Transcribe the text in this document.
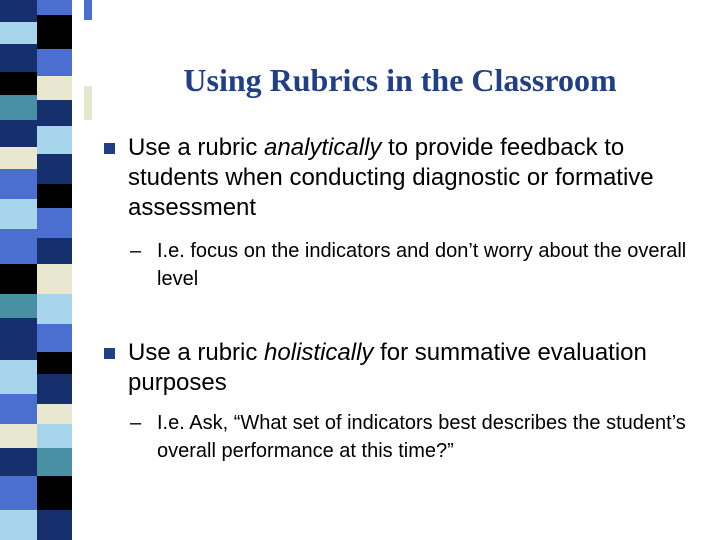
Using Rubrics in the Classroom
Use a rubric analytically to provide feedback to students when conducting diagnostic or formative assessment
– I.e. focus on the indicators and don’t worry about the overall level
Use a rubric holistically for summative evaluation purposes
– I.e. Ask, “What set of indicators best describes the student’s overall performance at this time?”
